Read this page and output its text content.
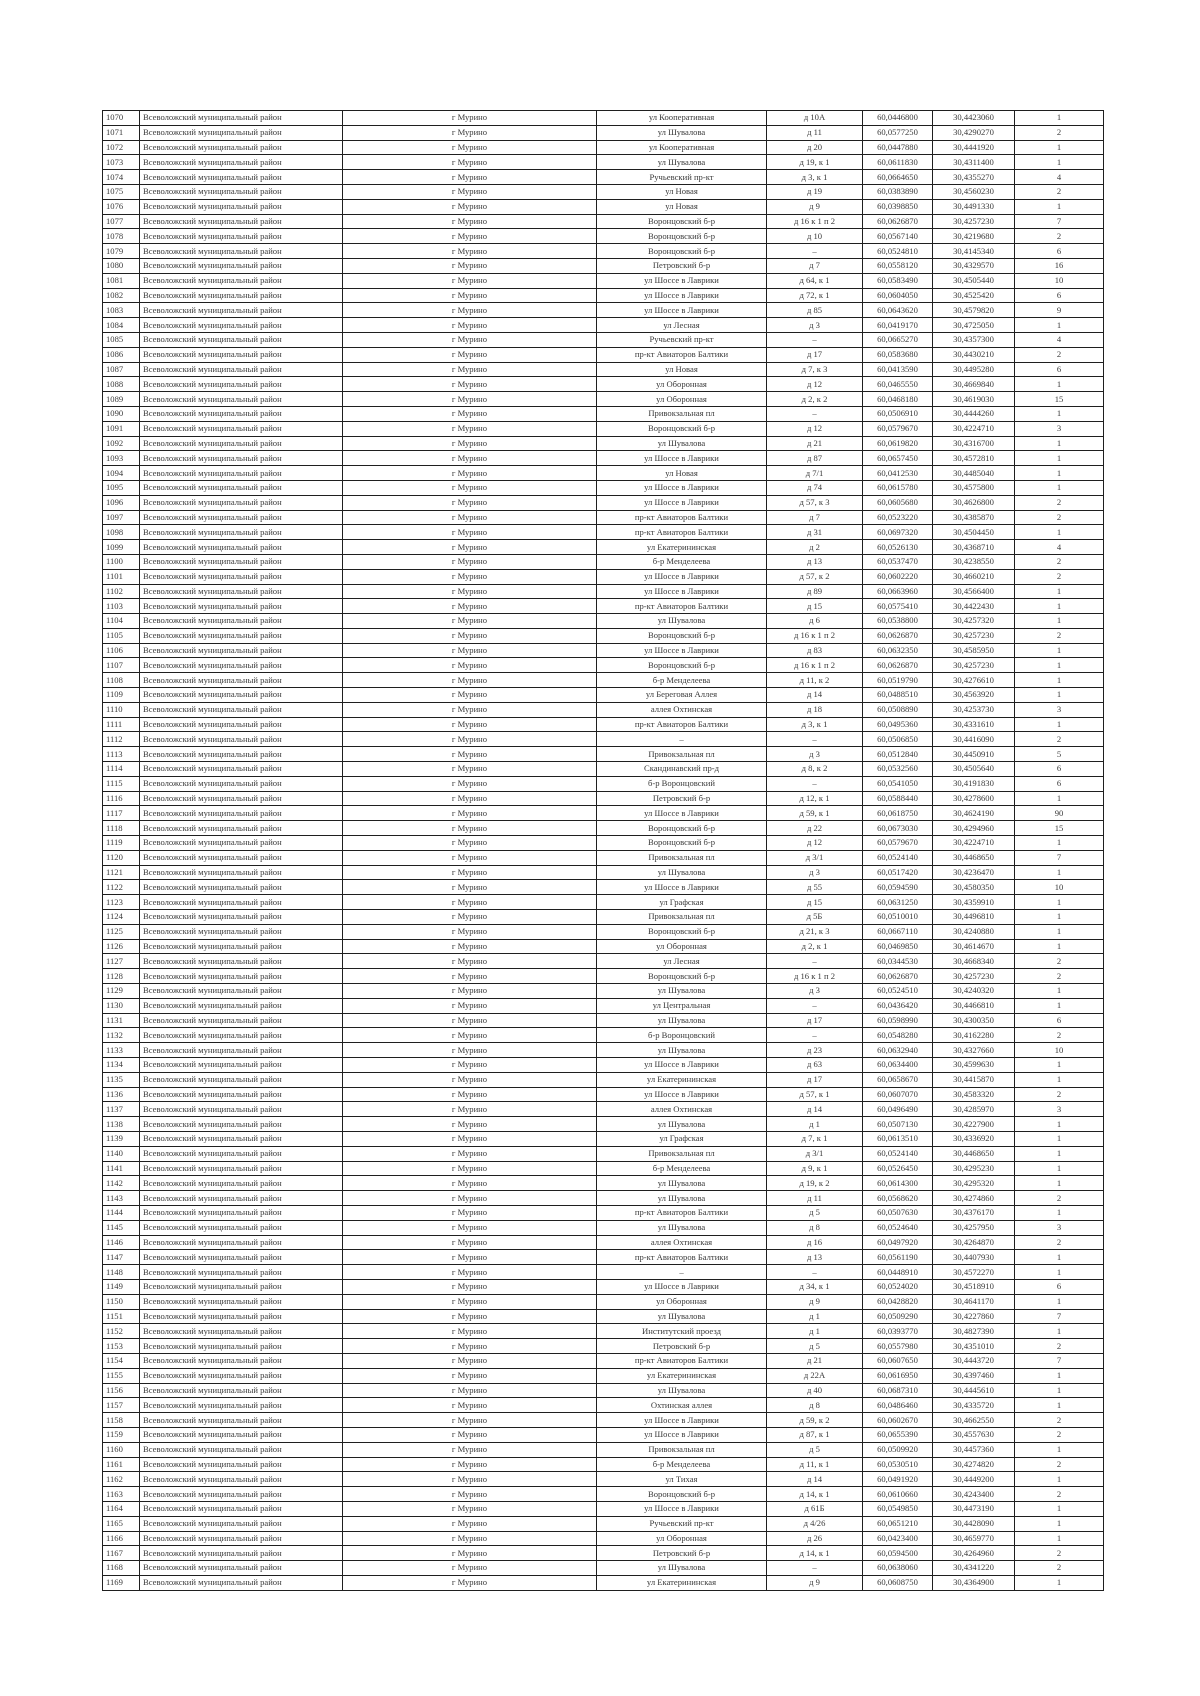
1070	Всеволожский муниципальный район	г Мурино	ул Кооперативная	д 10А	60,0446800	30,4423060	1
1071	Всеволожский муниципальный район	г Мурино	ул Шувалова	д 11	60,0577250	30,4290270	2
1072	Всеволожский муниципальный район	г Мурино	ул Кооперативная	д 20	60,0447880	30,4441920	1
1073	Всеволожский муниципальный район	г Мурино	ул Шувалова	д 19, к 1	60,0611830	30,4311400	1
1074	Всеволожский муниципальный район	г Мурино	Ручьевский пр-кт	д 3, к 1	60,0664650	30,4355270	4
1075	Всеволожский муниципальный район	г Мурино	ул Новая	д 19	60,0383890	30,4560230	2
1076	Всеволожский муниципальный район	г Мурино	ул Новая	д 9	60,0398850	30,4491330	1
1077	Всеволожский муниципальный район	г Мурино	Воронцовский б-р	д 16 к 1 п 2	60,0626870	30,4257230	7
1078	Всеволожский муниципальный район	г Мурино	Воронцовский б-р	д 10	60,0567140	30,4219680	2
1079	Всеволожский муниципальный район	г Мурино	Воронцовский б-р	–	60,0524810	30,4145340	6
1080	Всеволожский муниципальный район	г Мурино	Петровский б-р	д 7	60,0558120	30,4329570	16
1081	Всеволожский муниципальный район	г Мурино	ул Шоссе в Лаврики	д 64, к 1	60,0583490	30,4505440	10
1082	Всеволожский муниципальный район	г Мурино	ул Шоссе в Лаврики	д 72, к 1	60,0604050	30,4525420	6
1083	Всеволожский муниципальный район	г Мурино	ул Шоссе в Лаврики	д 85	60,0643620	30,4579820	9
1084	Всеволожский муниципальный район	г Мурино	ул Лесная	д 3	60,0419170	30,4725050	1
1085	Всеволожский муниципальный район	г Мурино	Ручьевский пр-кт	–	60,0665270	30,4357300	4
1086	Всеволожский муниципальный район	г Мурино	пр-кт Авиаторов Балтики	д 17	60,0583680	30,4430210	2
1087	Всеволожский муниципальный район	г Мурино	ул Новая	д 7, к 3	60,0413590	30,4495280	6
1088	Всеволожский муниципальный район	г Мурино	ул Оборонная	д 12	60,0465550	30,4669840	1
1089	Всеволожский муниципальный район	г Мурино	ул Оборонная	д 2, к 2	60,0468180	30,4619030	15
1090	Всеволожский муниципальный район	г Мурино	Привокзальная пл	–	60,0506910	30,4444260	1
1091	Всеволожский муниципальный район	г Мурино	Воронцовский б-р	д 12	60,0579670	30,4224710	3
1092	Всеволожский муниципальный район	г Мурино	ул Шувалова	д 21	60,0619820	30,4316700	1
1093	Всеволожский муниципальный район	г Мурино	ул Шоссе в Лаврики	д 87	60,0657450	30,4572810	1
1094	Всеволожский муниципальный район	г Мурино	ул Новая	д 7/1	60,0412530	30,4485040	1
1095	Всеволожский муниципальный район	г Мурино	ул Шоссе в Лаврики	д 74	60,0615780	30,4575800	1
1096	Всеволожский муниципальный район	г Мурино	ул Шоссе в Лаврики	д 57, к 3	60,0605680	30,4626800	2
1097	Всеволожский муниципальный район	г Мурино	пр-кт Авиаторов Балтики	д 7	60,0523220	30,4385870	2
1098	Всеволожский муниципальный район	г Мурино	пр-кт Авиаторов Балтики	д 31	60,0697320	30,4504450	1
1099	Всеволожский муниципальный район	г Мурино	ул Екатерининская	д 2	60,0526130	30,4368710	4
1100	Всеволожский муниципальный район	г Мурино	б-р Менделеева	д 13	60,0537470	30,4238550	2
1101	Всеволожский муниципальный район	г Мурино	ул Шоссе в Лаврики	д 57, к 2	60,0602220	30,4660210	2
1102	Всеволожский муниципальный район	г Мурино	ул Шоссе в Лаврики	д 89	60,0663960	30,4566400	1
1103	Всеволожский муниципальный район	г Мурино	пр-кт Авиаторов Балтики	д 15	60,0575410	30,4422430	1
1104	Всеволожский муниципальный район	г Мурино	ул Шувалова	д 6	60,0538800	30,4257320	1
1105	Всеволожский муниципальный район	г Мурино	Воронцовский б-р	д 16 к 1 п 2	60,0626870	30,4257230	2
1106	Всеволожский муниципальный район	г Мурино	ул Шоссе в Лаврики	д 83	60,0632350	30,4585950	1
1107	Всеволожский муниципальный район	г Мурино	Воронцовский б-р	д 16 к 1 п 2	60,0626870	30,4257230	1
1108	Всеволожский муниципальный район	г Мурино	б-р Менделеева	д 11, к 2	60,0519790	30,4276610	1
1109	Всеволожский муниципальный район	г Мурино	ул Береговая Аллея	д 14	60,0488510	30,4563920	1
1110	Всеволожский муниципальный район	г Мурино	аллея Охтинская	д 18	60,0508890	30,4253730	3
1111	Всеволожский муниципальный район	г Мурино	пр-кт Авиаторов Балтики	д 3, к 1	60,0495360	30,4331610	1
1112	Всеволожский муниципальный район	г Мурино	–	–	60,0506850	30,4416090	2
1113	Всеволожский муниципальный район	г Мурино	Привокзальная пл	д 3	60,0512840	30,4450910	5
1114	Всеволожский муниципальный район	г Мурино	Скандинавский пр-д	д 8, к 2	60,0532560	30,4505640	6
1115	Всеволожский муниципальный район	г Мурино	б-р Воронцовский	–	60,0541050	30,4191830	6
1116	Всеволожский муниципальный район	г Мурино	Петровский б-р	д 12, к 1	60,0588440	30,4278600	1
1117	Всеволожский муниципальный район	г Мурино	ул Шоссе в Лаврики	д 59, к 1	60,0618750	30,4624190	90
1118	Всеволожский муниципальный район	г Мурино	Воронцовский б-р	д 22	60,0673030	30,4294960	15
1119	Всеволожский муниципальный район	г Мурино	Воронцовский б-р	д 12	60,0579670	30,4224710	1
1120	Всеволожский муниципальный район	г Мурино	Привокзальная пл	д 3/1	60,0524140	30,4468650	7
1121	Всеволожский муниципальный район	г Мурино	ул Шувалова	д 3	60,0517420	30,4236470	1
1122	Всеволожский муниципальный район	г Мурино	ул Шоссе в Лаврики	д 55	60,0594590	30,4580350	10
1123	Всеволожский муниципальный район	г Мурино	ул Графская	д 15	60,0631250	30,4359910	1
1124	Всеволожский муниципальный район	г Мурино	Привокзальная пл	д 5Б	60,0510010	30,4496810	1
1125	Всеволожский муниципальный район	г Мурино	Воронцовский б-р	д 21, к 3	60,0667110	30,4240880	1
1126	Всеволожский муниципальный район	г Мурино	ул Оборонная	д 2, к 1	60,0469850	30,4614670	1
1127	Всеволожский муниципальный район	г Мурино	ул Лесная	–	60,0344530	30,4668340	2
1128	Всеволожский муниципальный район	г Мурино	Воронцовский б-р	д 16 к 1 п 2	60,0626870	30,4257230	2
1129	Всеволожский муниципальный район	г Мурино	ул Шувалова	д 3	60,0524510	30,4240320	1
1130	Всеволожский муниципальный район	г Мурино	ул Центральная	–	60,0436420	30,4466810	1
1131	Всеволожский муниципальный район	г Мурино	ул Шувалова	д 17	60,0598990	30,4300350	6
1132	Всеволожский муниципальный район	г Мурино	б-р Воронцовский	–	60,0548280	30,4162280	2
1133	Всеволожский муниципальный район	г Мурино	ул Шувалова	д 23	60,0632940	30,4327660	10
1134	Всеволожский муниципальный район	г Мурино	ул Шоссе в Лаврики	д 63	60,0634400	30,4599630	1
1135	Всеволожский муниципальный район	г Мурино	ул Екатерининская	д 17	60,0658670	30,4415870	1
1136	Всеволожский муниципальный район	г Мурино	ул Шоссе в Лаврики	д 57, к 1	60,0607070	30,4583320	2
1137	Всеволожский муниципальный район	г Мурино	аллея Охтинская	д 14	60,0496490	30,4285970	3
1138	Всеволожский муниципальный район	г Мурино	ул Шувалова	д 1	60,0507130	30,4227900	1
1139	Всеволожский муниципальный район	г Мурино	ул Графская	д 7, к 1	60,0613510	30,4336920	1
1140	Всеволожский муниципальный район	г Мурино	Привокзальная пл	д 3/1	60,0524140	30,4468650	1
1141	Всеволожский муниципальный район	г Мурино	б-р Менделеева	д 9, к 1	60,0526450	30,4295230	1
1142	Всеволожский муниципальный район	г Мурино	ул Шувалова	д 19, к 2	60,0614300	30,4295320	1
1143	Всеволожский муниципальный район	г Мурино	ул Шувалова	д 11	60,0568620	30,4274860	2
1144	Всеволожский муниципальный район	г Мурино	пр-кт Авиаторов Балтики	д 5	60,0507630	30,4376170	1
1145	Всеволожский муниципальный район	г Мурино	ул Шувалова	д 8	60,0524640	30,4257950	3
1146	Всеволожский муниципальный район	г Мурино	аллея Охтинская	д 16	60,0497920	30,4264870	2
1147	Всеволожский муниципальный район	г Мурино	пр-кт Авиаторов Балтики	д 13	60,0561190	30,4407930	1
1148	Всеволожский муниципальный район	г Мурино	–	–	60,0448910	30,4572270	1
1149	Всеволожский муниципальный район	г Мурино	ул Шоссе в Лаврики	д 34, к 1	60,0524020	30,4518910	6
1150	Всеволожский муниципальный район	г Мурино	ул Оборонная	д 9	60,0428820	30,4641170	1
1151	Всеволожский муниципальный район	г Мурино	ул Шувалова	д 1	60,0509290	30,4227860	7
1152	Всеволожский муниципальный район	г Мурино	Институтский проезд	д 1	60,0393770	30,4827390	1
1153	Всеволожский муниципальный район	г Мурино	Петровский б-р	д 5	60,0557980	30,4351010	2
1154	Всеволожский муниципальный район	г Мурино	пр-кт Авиаторов Балтики	д 21	60,0607650	30,4443720	7
1155	Всеволожский муниципальный район	г Мурино	ул Екатерининская	д 22А	60,0616950	30,4397460	1
1156	Всеволожский муниципальный район	г Мурино	ул Шувалова	д 40	60,0687310	30,4445610	1
1157	Всеволожский муниципальный район	г Мурино	Охтинская аллея	д 8	60,0486460	30,4335720	1
1158	Всеволожский муниципальный район	г Мурино	ул Шоссе в Лаврики	д 59, к 2	60,0602670	30,4662550	2
1159	Всеволожский муниципальный район	г Мурино	ул Шоссе в Лаврики	д 87, к 1	60,0655390	30,4557630	2
1160	Всеволожский муниципальный район	г Мурино	Привокзальная пл	д 5	60,0509920	30,4457360	1
1161	Всеволожский муниципальный район	г Мурино	б-р Менделеева	д 11, к 1	60,0530510	30,4274820	2
1162	Всеволожский муниципальный район	г Мурино	ул Тихая	д 14	60,0491920	30,4449200	1
1163	Всеволожский муниципальный район	г Мурино	Воронцовский б-р	д 14, к 1	60,0610660	30,4243400	2
1164	Всеволожский муниципальный район	г Мурино	ул Шоссе в Лаврики	д 61Б	60,0549850	30,4473190	1
1165	Всеволожский муниципальный район	г Мурино	Ручьевский пр-кт	д 4/26	60,0651210	30,4428090	1
1166	Всеволожский муниципальный район	г Мурино	ул Оборонная	д 26	60,0423400	30,4659770	1
1167	Всеволожский муниципальный район	г Мурино	Петровский б-р	д 14, к 1	60,0594500	30,4264960	2
1168	Всеволожский муниципальный район	г Мурино	ул Шувалова	–	60,0638060	30,4341220	2
1169	Всеволожский муниципальный район	г Мурино	ул Екатерининская	д 9	60,0608750	30,4364900	1
